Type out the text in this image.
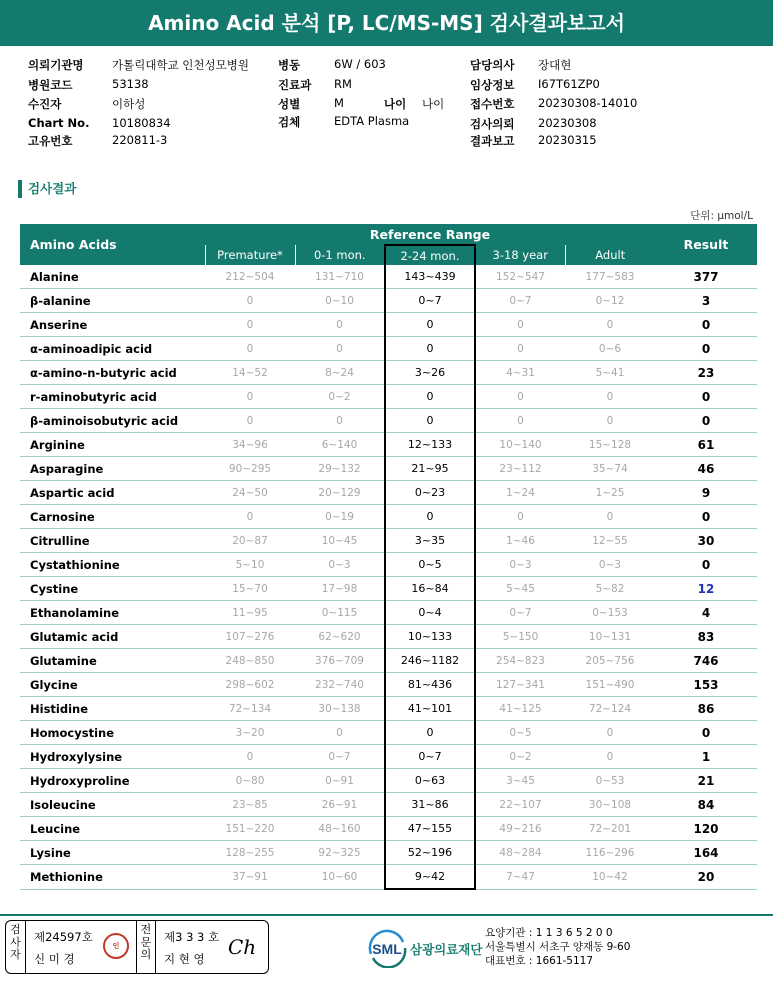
Amino Acid 분석 [P, LC/MS-MS] 검사결과보고서
의뢰기관명 가톨릭대학교 인천성모병원
병원코드	53138
수진자	이하성
Chart No. 10180834
고유번호	220811-3
병동	6W / 603
진료과 RM
성별	M	나이 나이
검체	EDTA Plasma
담당의사 장대현
임상정보 I67T61ZP0
접수번호 20230308-14010
검사의뢰 20230308
결과보고 20230315
검사결과
단위: µmol/L
Amino Acids	Reference Range					Result
	Premature*	0-1 mon.	2-24 mon.	3-18 year	Adult	
Alanine	212~504	131~710	143~439	152~547	177~583	377
β-alanine	0	0~10	0~7	0~7	0~12	3
Anserine	0	0	0	0	0	0
α-aminoadipic acid	0	0	0	0	0~6	0
α-amino-n-butyric acid	14~52	8~24	3~26	4~31	5~41	23
r-aminobutyric acid	0	0~2	0	0	0	0
β-aminoisobutyric acid	0	0	0	0	0	0
Arginine	34~96	6~140	12~133	10~140	15~128	61
Asparagine	90~295	29~132	21~95	23~112	35~74	46
Aspartic acid	24~50	20~129	0~23	1~24	1~25	9
Carnosine	0	0~19	0	0	0	0
Citrulline	20~87	10~45	3~35	1~46	12~55	30
Cystathionine	5~10	0~3	0~5	0~3	0~3	0
Cystine	15~70	17~98	16~84	5~45	5~82	12
Ethanolamine	11~95	0~115	0~4	0~7	0~153	4
Glutamic acid	107~276	62~620	10~133	5~150	10~131	83
Glutamine	248~850	376~709	246~1182	254~823	205~756	746
Glycine	298~602	232~740	81~436	127~341	151~490	153
Histidine	72~134	30~138	41~101	41~125	72~124	86
Homocystine	3~20	0	0	0~5	0	0
Hydroxylysine	0	0~7	0~7	0~2	0	1
Hydroxyproline	0~80	0~91	0~63	3~45	0~53	21
Isoleucine	23~85	26~91	31~86	22~107	30~108	84
Leucine	151~220	48~160	47~155	49~216	72~201	120
Lysine	128~255	92~325	52~196	48~284	116~296	164
Methionine	37~91	10~60	9~42	7~47	10~42	20
검사자
제24597호
신 미 경
인
전문의
제3 3 3 호
지 현 영 Ch	SML 삼광의료재단
요양기관 : 1 1 3 6 5 2 0 0
서울특별시 서초구 양재동 9-60
대표번호 : 1661-5117
